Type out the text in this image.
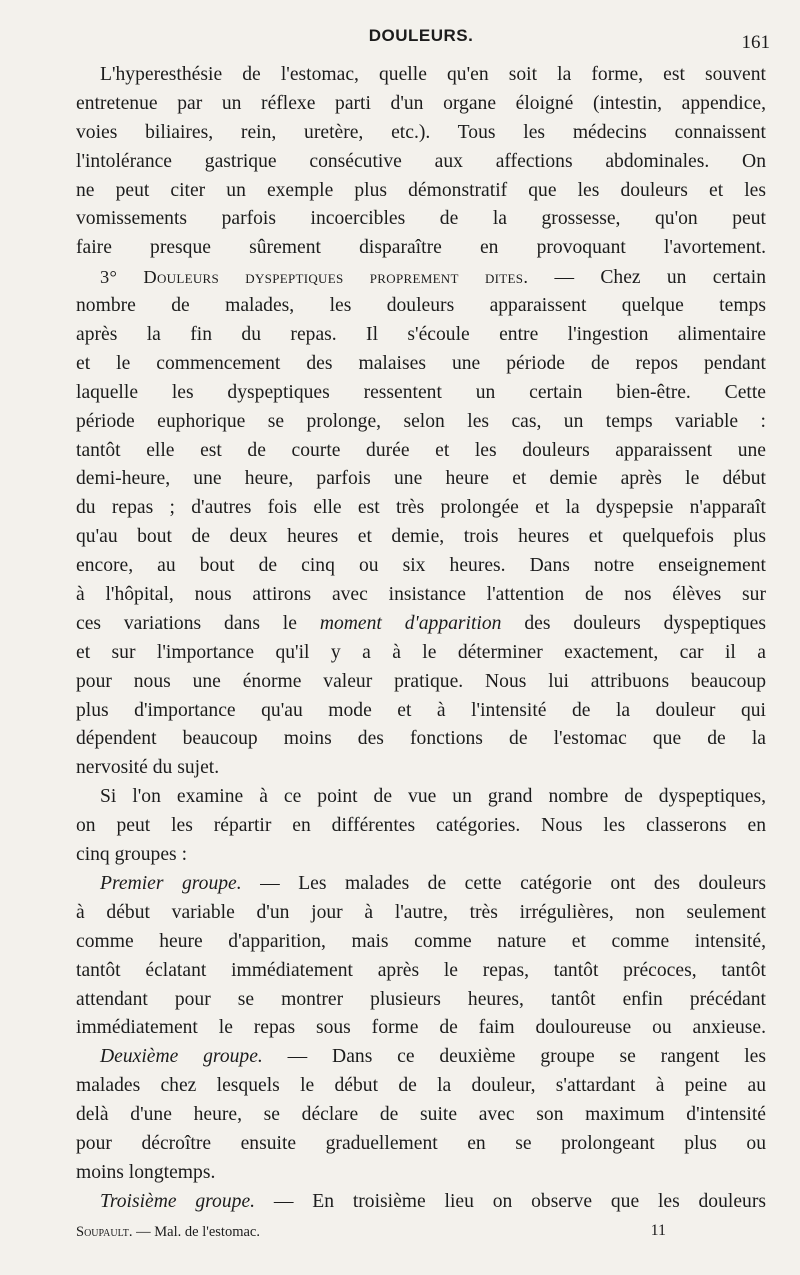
DOULEURS.	161
L'hyperesthésie de l'estomac, quelle qu'en soit la forme, est souvent
entretenue par un réflexe parti d'un organe éloigné (intestin, appendice,
voies biliaires, rein, uretère, etc.). Tous les médecins connaissent
l'intolérance gastrique consécutive aux affections abdominales. On
ne peut citer un exemple plus démonstratif que les douleurs et les
vomissements parfois incoercibles de la grossesse, qu'on peut
faire presque sûrement disparaître en provoquant l'avortement.
3° Douleurs dyspeptiques proprement dites. — Chez un certain
nombre de malades, les douleurs apparaissent quelque temps
après la fin du repas. Il s'écoule entre l'ingestion alimentaire
et le commencement des malaises une période de repos pendant
laquelle les dyspeptiques ressentent un certain bien-être. Cette
période euphorique se prolonge, selon les cas, un temps variable :
tantôt elle est de courte durée et les douleurs apparaissent une
demi-heure, une heure, parfois une heure et demie après le début
du repas ; d'autres fois elle est très prolongée et la dyspepsie n'apparaît
qu'au bout de deux heures et demie, trois heures et quelquefois plus
encore, au bout de cinq ou six heures. Dans notre enseignement
à l'hôpital, nous attirons avec insistance l'attention de nos élèves sur
ces variations dans le moment d'apparition des douleurs dyspeptiques
et sur l'importance qu'il y a à le déterminer exactement, car il a
pour nous une énorme valeur pratique. Nous lui attribuons beaucoup
plus d'importance qu'au mode et à l'intensité de la douleur qui
dépendent beaucoup moins des fonctions de l'estomac que de la
nervosité du sujet.
Si l'on examine à ce point de vue un grand nombre de dyspeptiques,
on peut les répartir en différentes catégories. Nous les classerons en
cinq groupes :
Premier groupe. — Les malades de cette catégorie ont des douleurs
à début variable d'un jour à l'autre, très irrégulières, non seulement
comme heure d'apparition, mais comme nature et comme intensité,
tantôt éclatant immédiatement après le repas, tantôt précoces, tantôt
attendant pour se montrer plusieurs heures, tantôt enfin précédant
immédiatement le repas sous forme de faim douloureuse ou anxieuse.
Deuxième groupe. — Dans ce deuxième groupe se rangent les
malades chez lesquels le début de la douleur, s'attardant à peine au
delà d'une heure, se déclare de suite avec son maximum d'intensité
pour décroître ensuite graduellement en se prolongeant plus ou
moins longtemps.
Troisième groupe. — En troisième lieu on observe que les douleurs
Soupault. — Mal. de l'estomac.	11
